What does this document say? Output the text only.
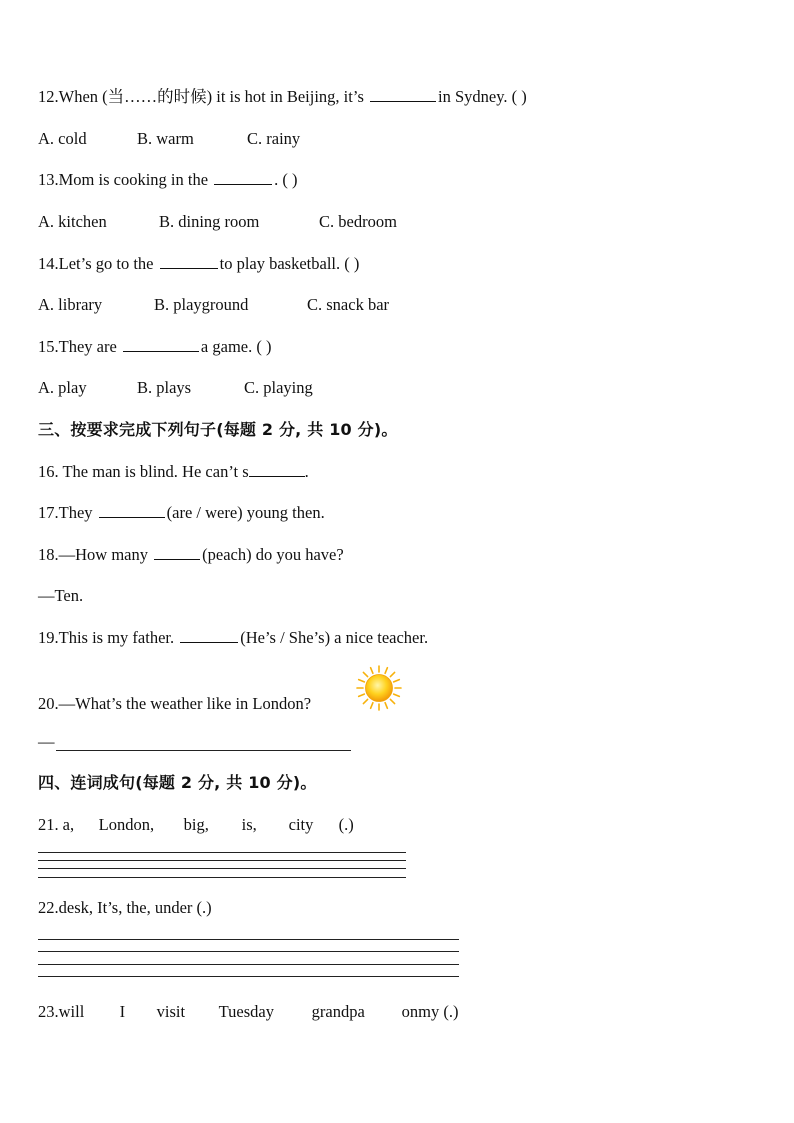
12.When (当……的时候) it is hot in Beijing, it’s	in Sydney. ( )
A. cold	B. warm	C. rainy
13.Mom is cooking in the	. ( )
A. kitchen	B. dining room	C. bedroom
14.Let’s go to the	to play basketball. ( )
A. library	B. playground	C. snack bar
15.They are	a game. ( )
A. play	B. plays	C. playing
三、按要求完成下列句子(每题 2 分, 共 10 分)。
16. The man is blind. He can’t s	.
17.They	(are / were) young then.
18.—How many	(peach) do you have?
—Ten.
19.This is my father.	(He’s / She’s) a nice teacher.
20.—What’s the weather like in London?
—
四、连词成句(每题 2 分, 共 10 分)。
21. a, London, big, is, city (.)
22.desk, It’s, the, under (.)
23.will I visit Tuesday grandpa onmy (.)
